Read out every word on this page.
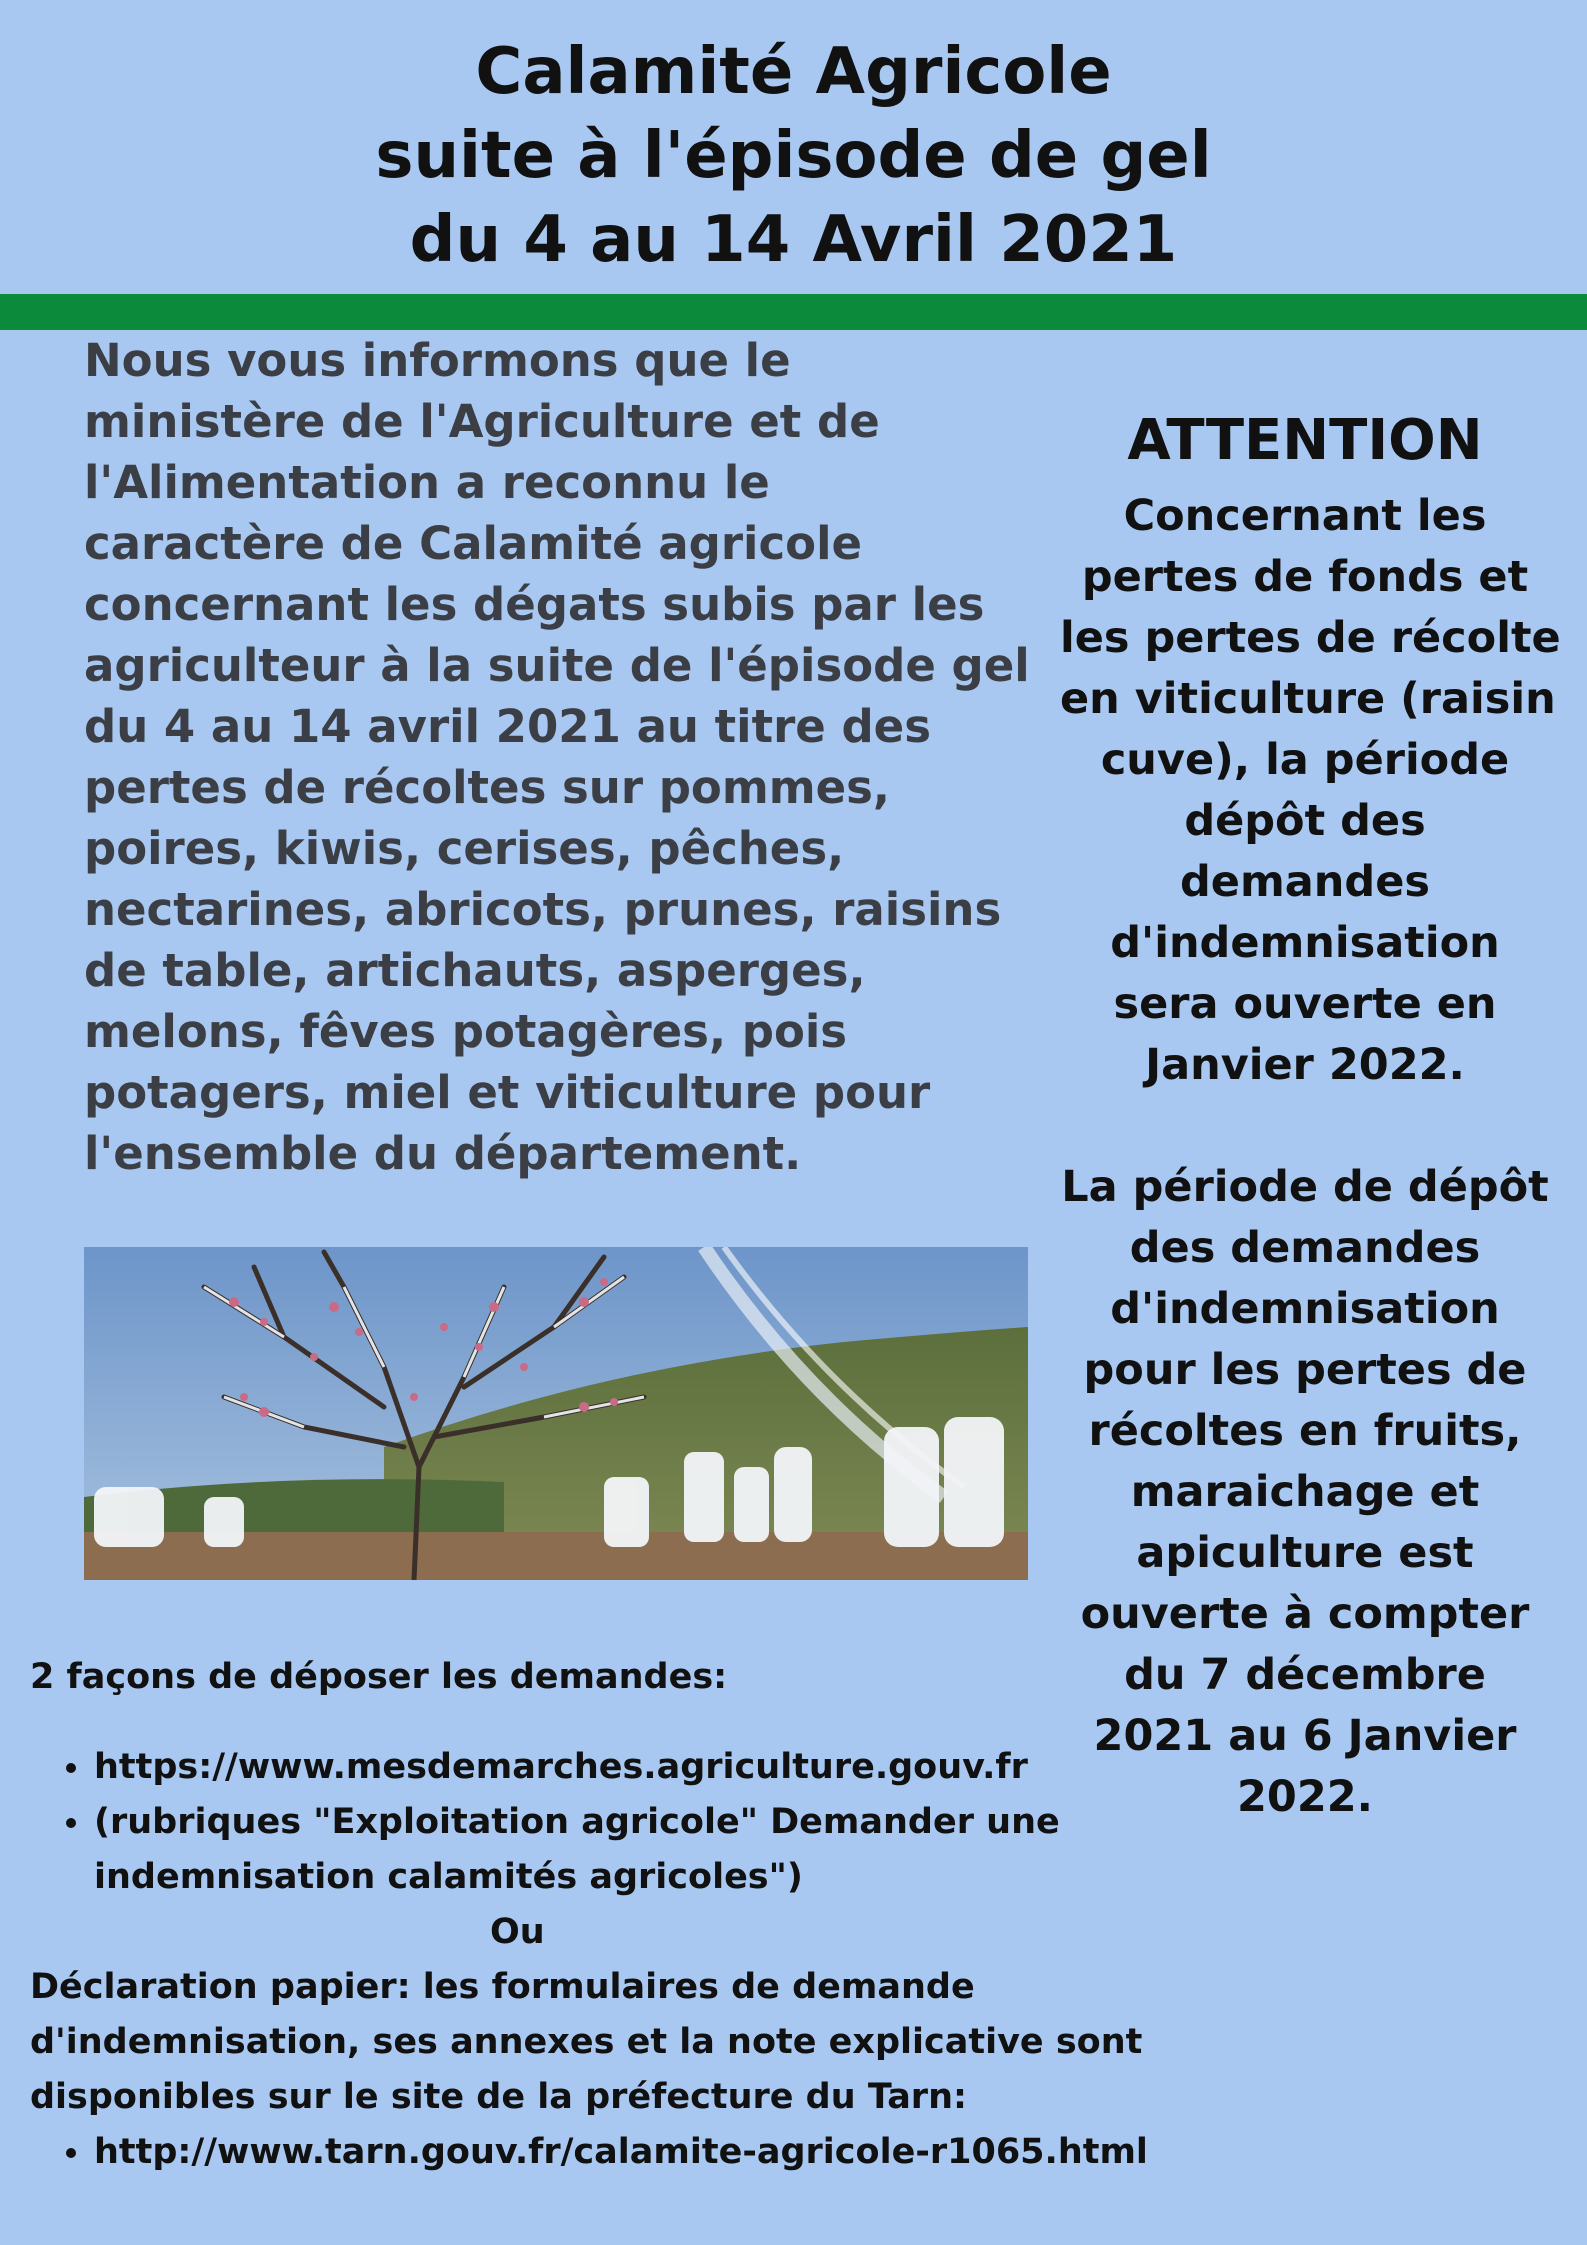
Calamité Agricole
suite à l'épisode de gel
du 4 au 14 Avril 2021
Nous vous informons que le
ministère de l'Agriculture et de
l'Alimentation a reconnu le
caractère de Calamité agricole
concernant les dégats subis par les
agriculteur à la suite de l'épisode gel
du 4 au 14 avril 2021 au titre des
pertes de récoltes sur pommes,
poires, kiwis, cerises, pêches,
nectarines, abricots, prunes, raisins
de table, artichauts, asperges,
melons, fêves potagères, pois
potagers, miel et viticulture pour
l'ensemble du département.
2 façons de déposer les demandes:
https://www.mesdemarches.agriculture.gouv.fr
(rubriques "Exploitation agricole" Demander une
indemnisation calamités agricoles")
Ou
Déclaration papier: les formulaires de demande
d'indemnisation, ses annexes et la note explicative sont
disponibles sur le site de la préfecture du Tarn:
http://www.tarn.gouv.fr/calamite-agricole-r1065.html
ATTENTION
Concernant les
pertes de fonds et
les pertes de récolte
en viticulture (raisin
cuve), la période
dépôt des
demandes
d'indemnisation
sera ouverte en
Janvier 2022.
La période de dépôt
des demandes
d'indemnisation
pour les pertes de
récoltes en fruits,
maraichage et
apiculture est
ouverte à compter
du 7 décembre
2021 au 6 Janvier
2022.
